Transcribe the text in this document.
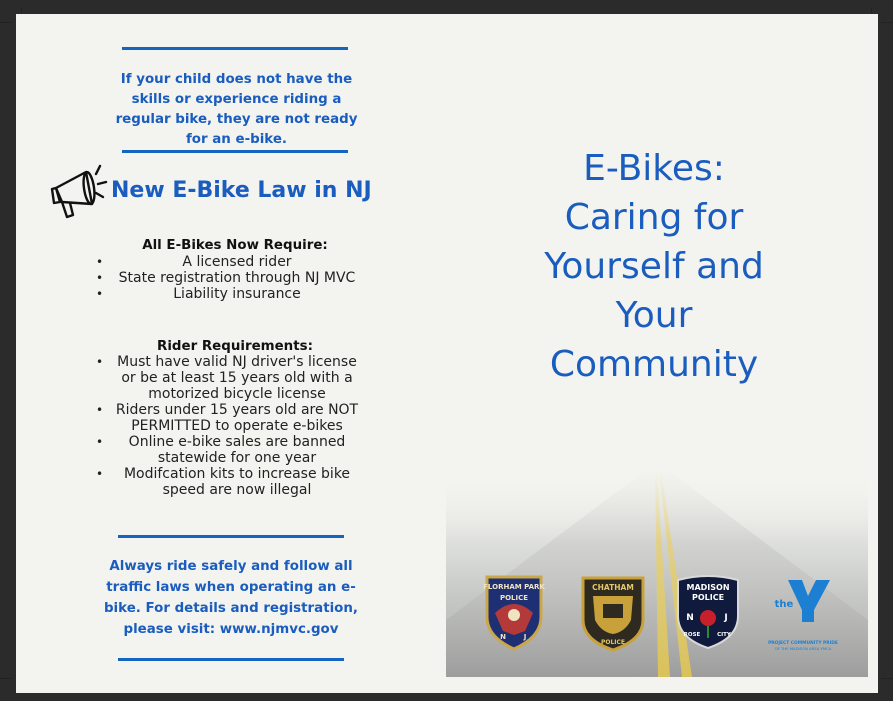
If your child does not have the skills or experience riding a regular bike, they are not ready for an e-bike.
New E-Bike Law in NJ
All E-Bikes Now Require:
• A licensed rider
• State registration through NJ MVC
• Liability insurance
Rider Requirements:
• Must have valid NJ driver's license or be at least 15 years old with a motorized bicycle license
• Riders under 15 years old are NOT PERMITTED to operate e-bikes
• Online e-bike sales are banned statewide for one year
• Modifcation kits to increase bike speed are now illegal
Always ride safely and follow all traffic laws when operating an e-bike. For details and registration, please visit: www.njmvc.gov
E-Bikes:
Caring for
Yourself and
Your
Community
FLORHAM PARK
POLICE
N	J
CHATHAM
POLICE
MADISON
POLICE
N	J
ROSE	CITY
the
PROJECT COMMUNITY PRIDE
OF THE MADISON AREA YMCA
